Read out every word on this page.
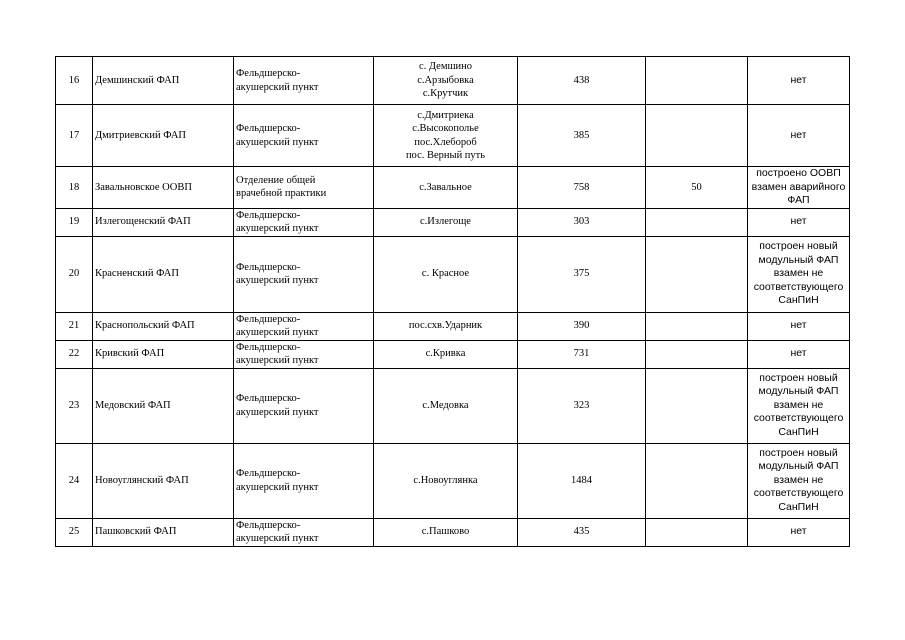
16	Демшинский ФАП	Фельдшерско-
акушерский пункт	с. Демшино
с.Арзыбовка
с.Крутчик	438		нет

17	Дмитриевский ФАП	Фельдшерско-
акушерский пункт	с.Дмитриека
с.Высокополье
пос.Хлебороб
пос. Верный путь	385		нет

18	Завальновское ООВП	Отделение общей
врачебной практики	с.Завальное	758	50	построено ООВП
взамен аварийного
ФАП

19	Излегощенский ФАП	Фельдшерско-
акушерский пункт	с.Излегоще	303		нет

20	Красненский ФАП	Фельдшерско-
акушерский пункт	с. Красное	375		построен новый
модульный ФАП
взамен не
соответствующего
СанПиН

21	Краснопольский ФАП	Фельдшерско-
акушерский пункт	пос.схв.Ударник	390		нет

22	Кривский ФАП	Фельдшерско-
акушерский пункт	с.Кривка	731		нет

23	Медовский ФАП	Фельдшерско-
акушерский пункт	с.Медовка	323		построен новый
модульный ФАП
взамен не
соответствующего
СанПиН

24	Новоуглянский ФАП	Фельдшерско-
акушерский пункт	с.Новоуглянка	1484		построен новый
модульный ФАП
взамен не
соответствующего
СанПиН

25	Пашковский ФАП	Фельдшерско-
акушерский пункт	с.Пашково	435		нет
